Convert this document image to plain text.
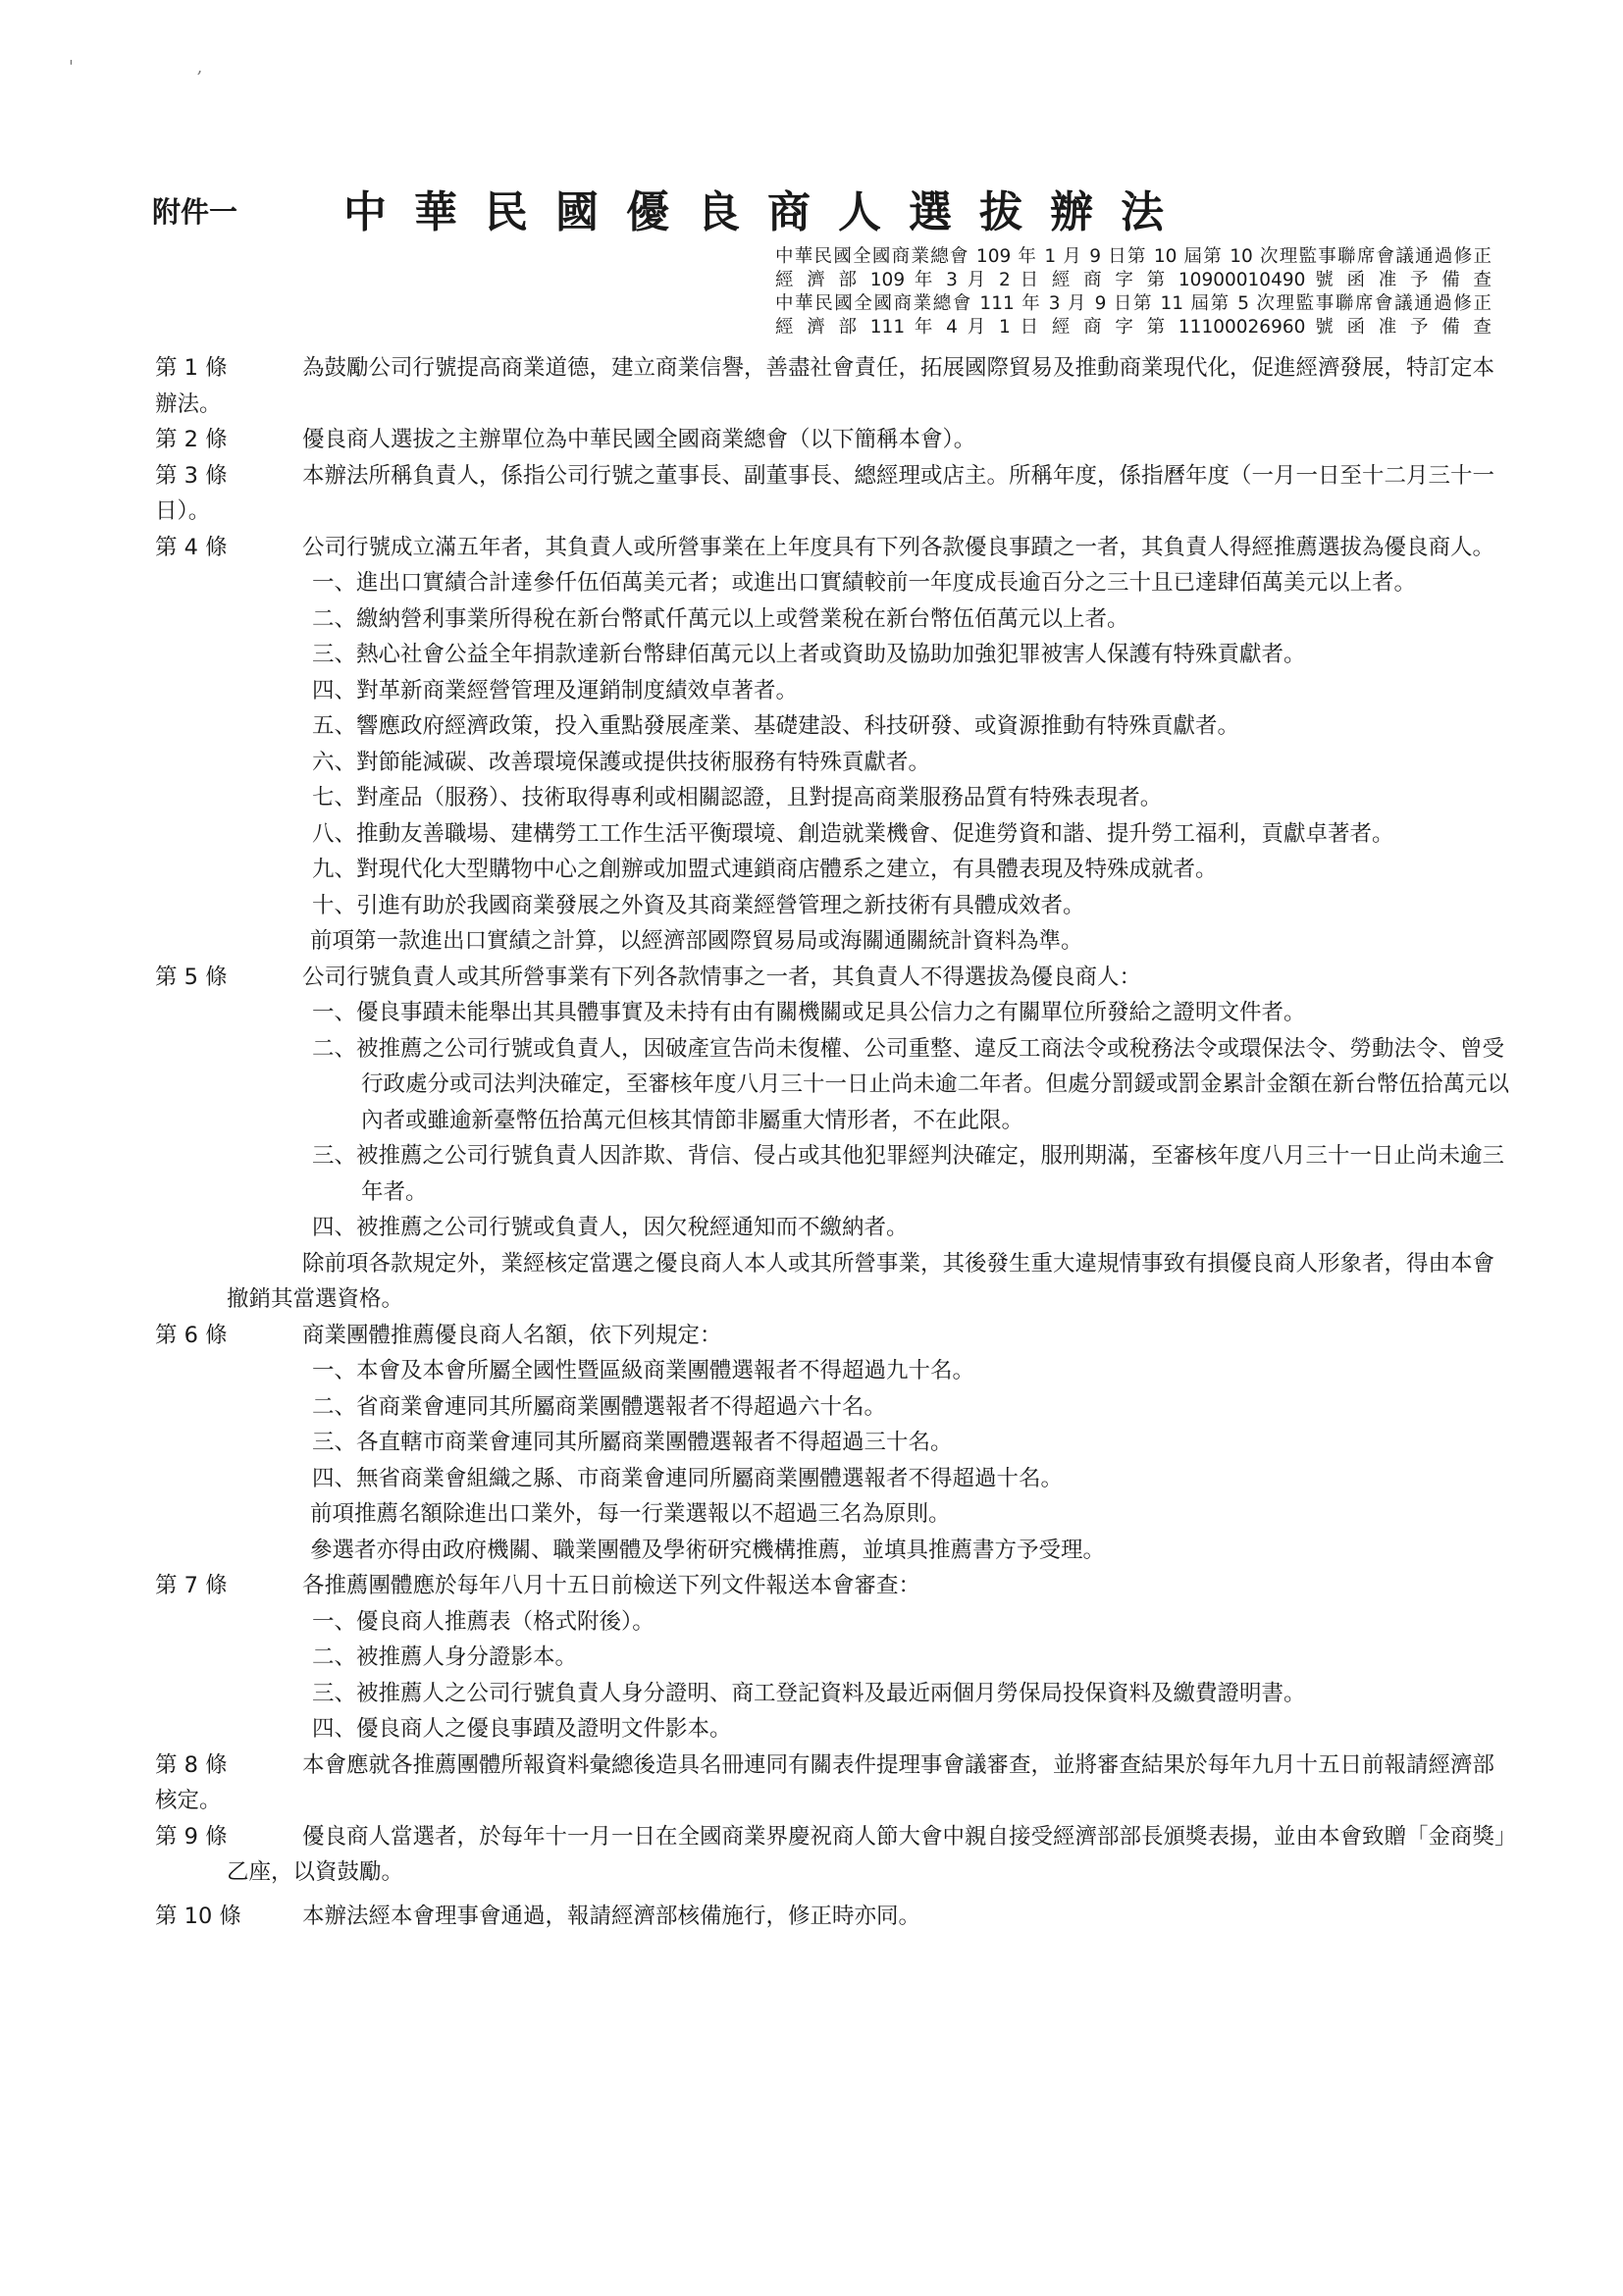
' ,
附件一 中華民國優良商人選拔辦法
中華民國全國商業總會 109 年 1 月 9 日第 10 屆第 10 次理監事聯席會議通過修正
經 濟 部 109 年 3 月 2 日 經 商 字 第 10900010490 號 函 准 予 備 查
中華民國全國商業總會 111 年 3 月 9 日第 11 屆第 5 次理監事聯席會議通過修正
經 濟 部 111 年 4 月 1 日 經 商 字 第 11100026960 號 函 准 予 備 查
第 1 條	為鼓勵公司行號提高商業道德，建立商業信譽，善盡社會責任，拓展國際貿易及推動商業現代化，促進經濟發展，特訂定本辦法。
第 2 條	優良商人選拔之主辦單位為中華民國全國商業總會（以下簡稱本會）。
第 3 條	本辦法所稱負責人，係指公司行號之董事長、副董事長、總經理或店主。所稱年度，係指曆年度（一月一日至十二月三十一日）。
第 4 條	公司行號成立滿五年者，其負責人或所營事業在上年度具有下列各款優良事蹟之一者，其負責人得經推薦選拔為優良商人。
一、進出口實績合計達參仟伍佰萬美元者；或進出口實績較前一年度成長逾百分之三十且已達肆佰萬美元以上者。
二、繳納營利事業所得稅在新台幣貳仟萬元以上或營業稅在新台幣伍佰萬元以上者。
三、熱心社會公益全年捐款達新台幣肆佰萬元以上者或資助及協助加強犯罪被害人保護有特殊貢獻者。
四、對革新商業經營管理及運銷制度績效卓著者。
五、響應政府經濟政策，投入重點發展產業、基礎建設、科技研發、或資源推動有特殊貢獻者。
六、對節能減碳、改善環境保護或提供技術服務有特殊貢獻者。
七、對產品（服務）、技術取得專利或相關認證，且對提高商業服務品質有特殊表現者。
八、推動友善職場、建構勞工工作生活平衡環境、創造就業機會、促進勞資和諧、提升勞工福利，貢獻卓著者。
九、對現代化大型購物中心之創辦或加盟式連鎖商店體系之建立，有具體表現及特殊成就者。
十、引進有助於我國商業發展之外資及其商業經營管理之新技術有具體成效者。
前項第一款進出口實績之計算，以經濟部國際貿易局或海關通關統計資料為準。
第 5 條	公司行號負責人或其所營事業有下列各款情事之一者，其負責人不得選拔為優良商人：
一、優良事蹟未能舉出其具體事實及未持有由有關機關或足具公信力之有關單位所發給之證明文件者。
二、被推薦之公司行號或負責人，因破產宣告尚未復權、公司重整、違反工商法令或稅務法令或環保法令、勞動法令、曾受行政處分或司法判決確定，至審核年度八月三十一日止尚未逾二年者。但處分罰鍰或罰金累計金額在新台幣伍拾萬元以內者或雖逾新臺幣伍拾萬元但核其情節非屬重大情形者，不在此限。
三、被推薦之公司行號負責人因詐欺、背信、侵占或其他犯罪經判決確定，服刑期滿，至審核年度八月三十一日止尚未逾三年者。
四、被推薦之公司行號或負責人，因欠稅經通知而不繳納者。
除前項各款規定外，業經核定當選之優良商人本人或其所營事業，其後發生重大違規情事致有損優良商人形象者，得由本會撤銷其當選資格。
第 6 條	商業團體推薦優良商人名額，依下列規定：
一、本會及本會所屬全國性暨區級商業團體選報者不得超過九十名。
二、省商業會連同其所屬商業團體選報者不得超過六十名。
三、各直轄市商業會連同其所屬商業團體選報者不得超過三十名。
四、無省商業會組織之縣、市商業會連同所屬商業團體選報者不得超過十名。
前項推薦名額除進出口業外，每一行業選報以不超過三名為原則。
參選者亦得由政府機關、職業團體及學術研究機構推薦，並填具推薦書方予受理。
第 7 條	各推薦團體應於每年八月十五日前檢送下列文件報送本會審查：
一、優良商人推薦表（格式附後）。
二、被推薦人身分證影本。
三、被推薦人之公司行號負責人身分證明、商工登記資料及最近兩個月勞保局投保資料及繳費證明書。
四、優良商人之優良事蹟及證明文件影本。
第 8 條	本會應就各推薦團體所報資料彙總後造具名冊連同有關表件提理事會議審查，並將審查結果於每年九月十五日前報請經濟部核定。
第 9 條	優良商人當選者，於每年十一月一日在全國商業界慶祝商人節大會中親自接受經濟部部長頒獎表揚，並由本會致贈「金商獎」乙座，以資鼓勵。
第 10 條	本辦法經本會理事會通過，報請經濟部核備施行，修正時亦同。
